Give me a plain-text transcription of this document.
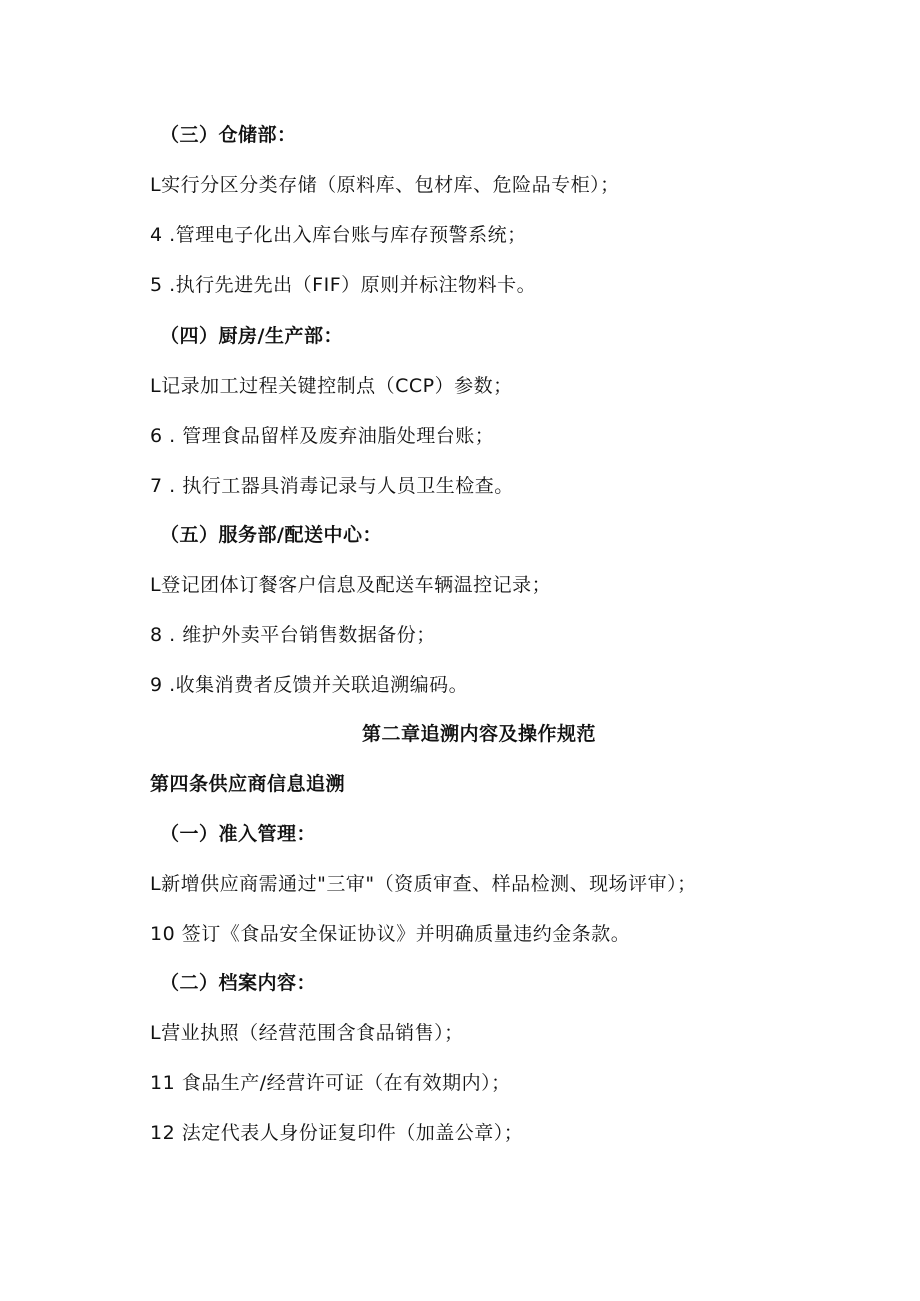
（三）仓储部：
L实行分区分类存储（原料库、包材库、危险品专柜）；
4 .管理电子化出入库台账与库存预警系统；
5 .执行先进先出（FIF）原则并标注物料卡。
（四）厨房/生产部：
L记录加工过程关键控制点（CCP）参数；
6 . 管理食品留样及废弃油脂处理台账；
7 . 执行工器具消毒记录与人员卫生检查。
（五）服务部/配送中心：
L登记团体订餐客户信息及配送车辆温控记录；
8 . 维护外卖平台销售数据备份；
9 .收集消费者反馈并关联追溯编码。
第二章追溯内容及操作规范
第四条供应商信息追溯
（一）准入管理：
L新增供应商需通过"三审"（资质审查、样品检测、现场评审）；
10 签订《食品安全保证协议》并明确质量违约金条款。
（二）档案内容：
L营业执照（经营范围含食品销售）；
11 食品生产/经营许可证（在有效期内）；
12 法定代表人身份证复印件（加盖公章）；
